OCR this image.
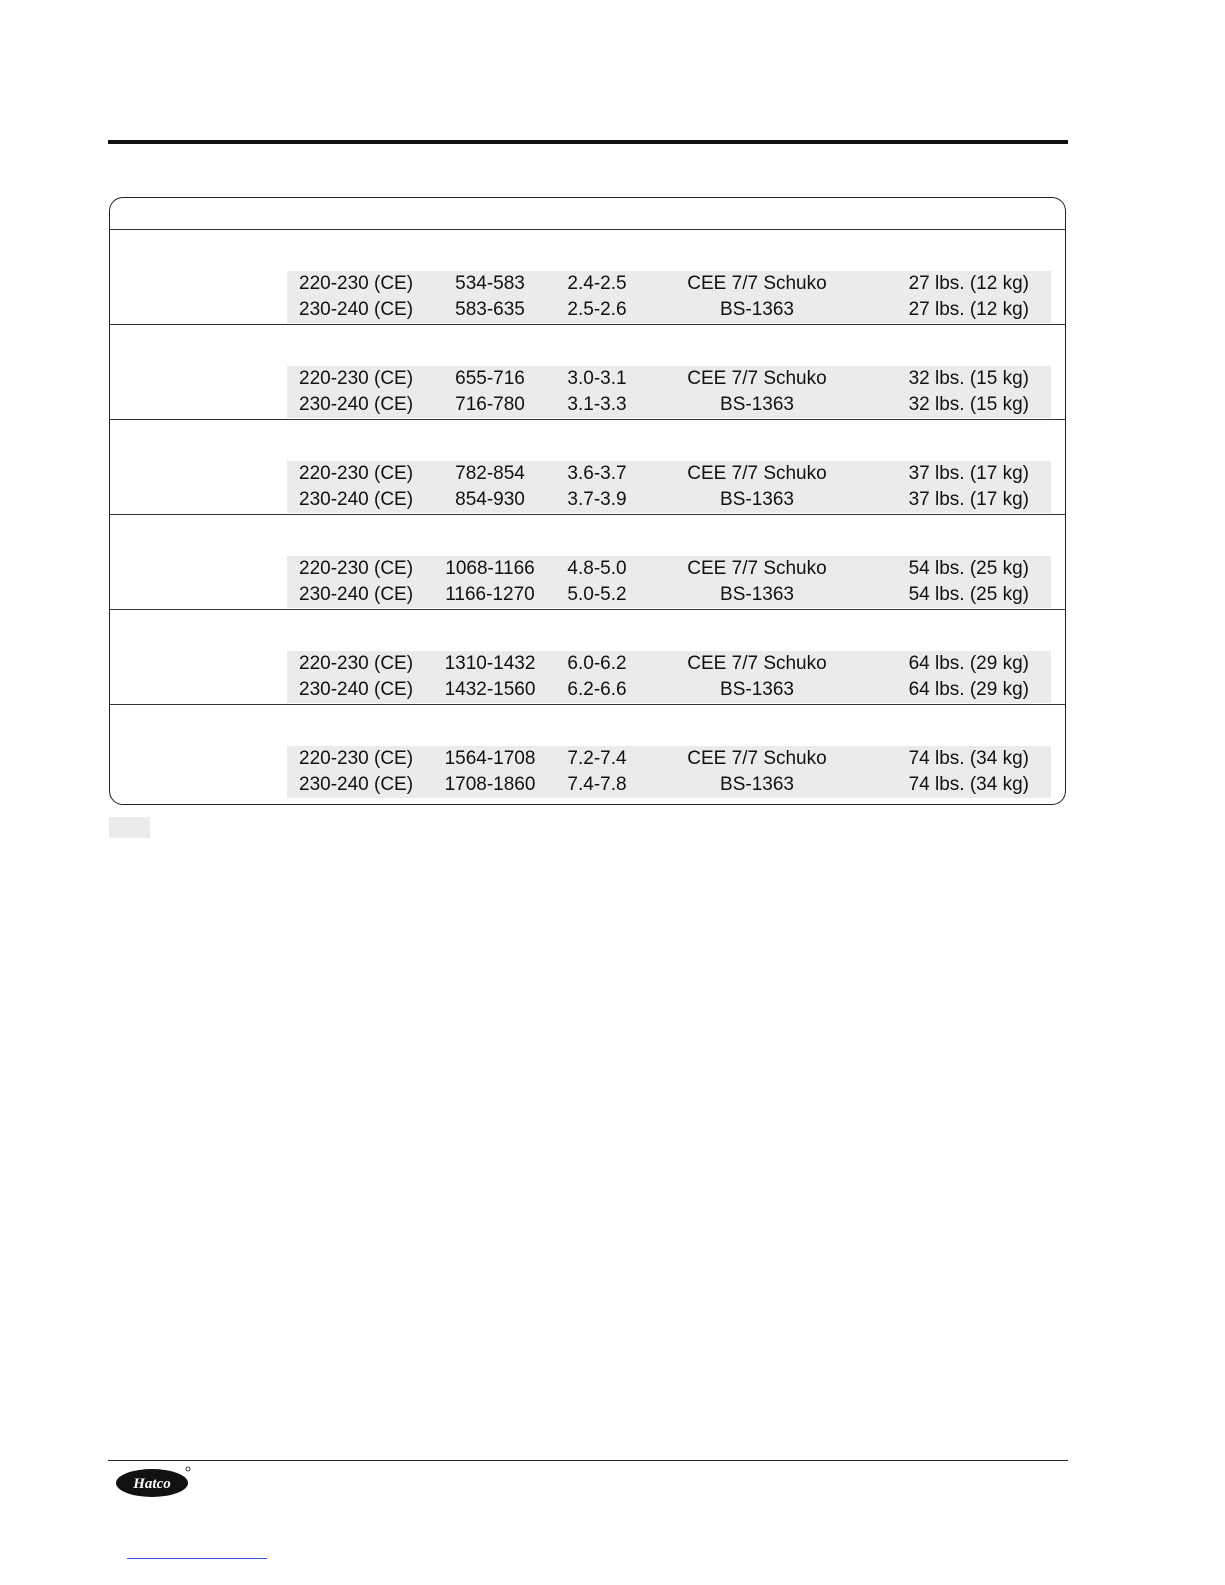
220-230 (CE)	534-583	2.4-2.5	CEE 7/7 Schuko	27 lbs. (12 kg)
230-240 (CE)	583-635	2.5-2.6	BS-1363	27 lbs. (12 kg)
220-230 (CE)	655-716	3.0-3.1	CEE 7/7 Schuko	32 lbs. (15 kg)
230-240 (CE)	716-780	3.1-3.3	BS-1363	32 lbs. (15 kg)
220-230 (CE)	782-854	3.6-3.7	CEE 7/7 Schuko	37 lbs. (17 kg)
230-240 (CE)	854-930	3.7-3.9	BS-1363	37 lbs. (17 kg)
220-230 (CE) 1068-1166	4.8-5.0	CEE 7/7 Schuko	54 lbs. (25 kg)
230-240 (CE) 1166-1270	5.0-5.2	BS-1363	54 lbs. (25 kg)
220-230 (CE) 1310-1432	6.0-6.2	CEE 7/7 Schuko	64 lbs. (29 kg)
230-240 (CE) 1432-1560	6.2-6.6	BS-1363	64 lbs. (29 kg)
220-230 (CE) 1564-1708	7.2-7.4	CEE 7/7 Schuko	74 lbs. (34 kg)
230-240 (CE) 1708-1860	7.4-7.8	BS-1363	74 lbs. (34 kg)
Hatco
